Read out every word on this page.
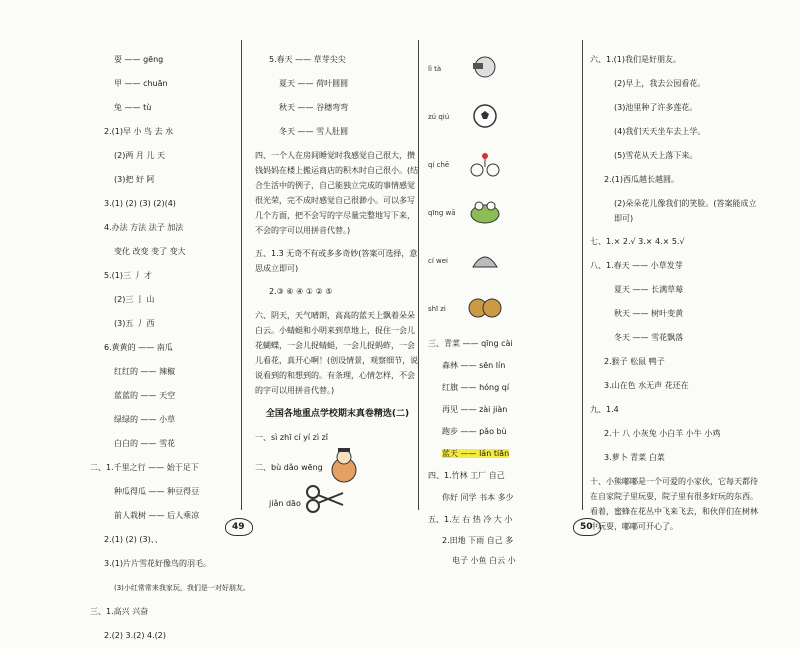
耍 —— gēng
甲 —— chuān
兔 —— tù
2.(1)早 小 鸟 去 水
(2)两 月 儿 天
(3)把 好 阿
3.(1) (2) (3) (2)(4)
4.办法 方法 法子 加法
变化 改变 变了 变大
5.(1)三 丿 才
(2)三 亅 山
(3)五 丿 西
6.黄黄的 —— 南瓜
红红的 —— 辣椒
蓝蓝的 —— 天空
绿绿的 —— 小草
白白的 —— 雪花
二、1.千里之行 —— 始于足下
种瓜得瓜 —— 种豆得豆
前人栽树 —— 后人乘凉
2.(1) (2) (3)、、
3.(1)片片雪花好像鸟的羽毛。
(3)小红常常来我家玩，我们是一对好朋友。
三、1.高兴 兴奋
2.(2) 3.(2) 4.(2)
5.春天 —— 草芽尖尖
夏天 —— 荷叶圆圆
秋天 —— 谷穗弯弯
冬天 —— 雪人肚圆
四、一个人在房间睡觉时我感觉自己很大，攒钱妈妈在楼上搬运商店的积木时自己很小。(结合生活中的例子，自己能独立完成的事情感觉很光荣，完不成时感觉自己很渺小。可以多写几个方面，把不会写的字尽量完整地写下来，不会的字可以用拼音代替。)
五、1.3 无奇不有或多多奇妙(答案可选择，意思成立即可)
2.③ ⑥ ④ ① ② ⑤
六、阴天，天气晴朗，高高的蓝天上飘着朵朵白云。小蜻蜓和小明来到草地上，捉住一会儿花蝴蝶，一会儿捉蜻蜓，一会儿捉蚂蚱，一会儿看花，真开心啊！(创设情景，观察细节，说说看到的和想到的。有条理，心情怎样，不会的字可以用拼音代替。)
全国各地重点学校期末真卷精选(二)
一、sì zhī cí yí zì zǐ
二、bù dǎo wēng
jiǎn dāo
lì tà
zú qiú
qí chē
qīng wā
cí wei
shī zi
三、青菜 —— qīng cài
森林 —— sēn lín
红旗 —— hóng qí
再见 —— zài jiàn
跑步 —— pǎo bù
蓝天 —— lán tiān
四、1.竹林 工厂 自己
你好 同学 书本 多少
五、1.左 右 热 冷 大 小
2.田地 下雨 自己 多
电子 小鱼 白云 小
六、1.(1)我们是好朋友。
(2)早上，我去公园看花。
(3)池里种了许多莲花。
(4)我们天天坐车去上学。
(5)雪花从天上落下来。
2.(1)西瓜越长越圆。
(2)朵朵花儿像我们的笑脸。(答案能成立即可)
七、1.× 2.√ 3.× 4.× 5.√
八、1.春天 —— 小草发芽
夏天 —— 长满草莓
秋天 —— 树叶变黄
冬天 —— 雪花飘落
2.猴子 松鼠 鸭子
3.山在色 水无声 花还在
九、1.4
2.十 八 小灰兔 小白羊 小牛 小鸡
3.萝卜 青菜 白菜
十、小熊嘟嘟是一个可爱的小家伙，它每天都待在自家院子里玩耍，院子里有很多好玩的东西。看着，蜜蜂在花丛中飞来飞去，和伙伴们在树林中玩耍，嘟嘟可开心了。
49	50
